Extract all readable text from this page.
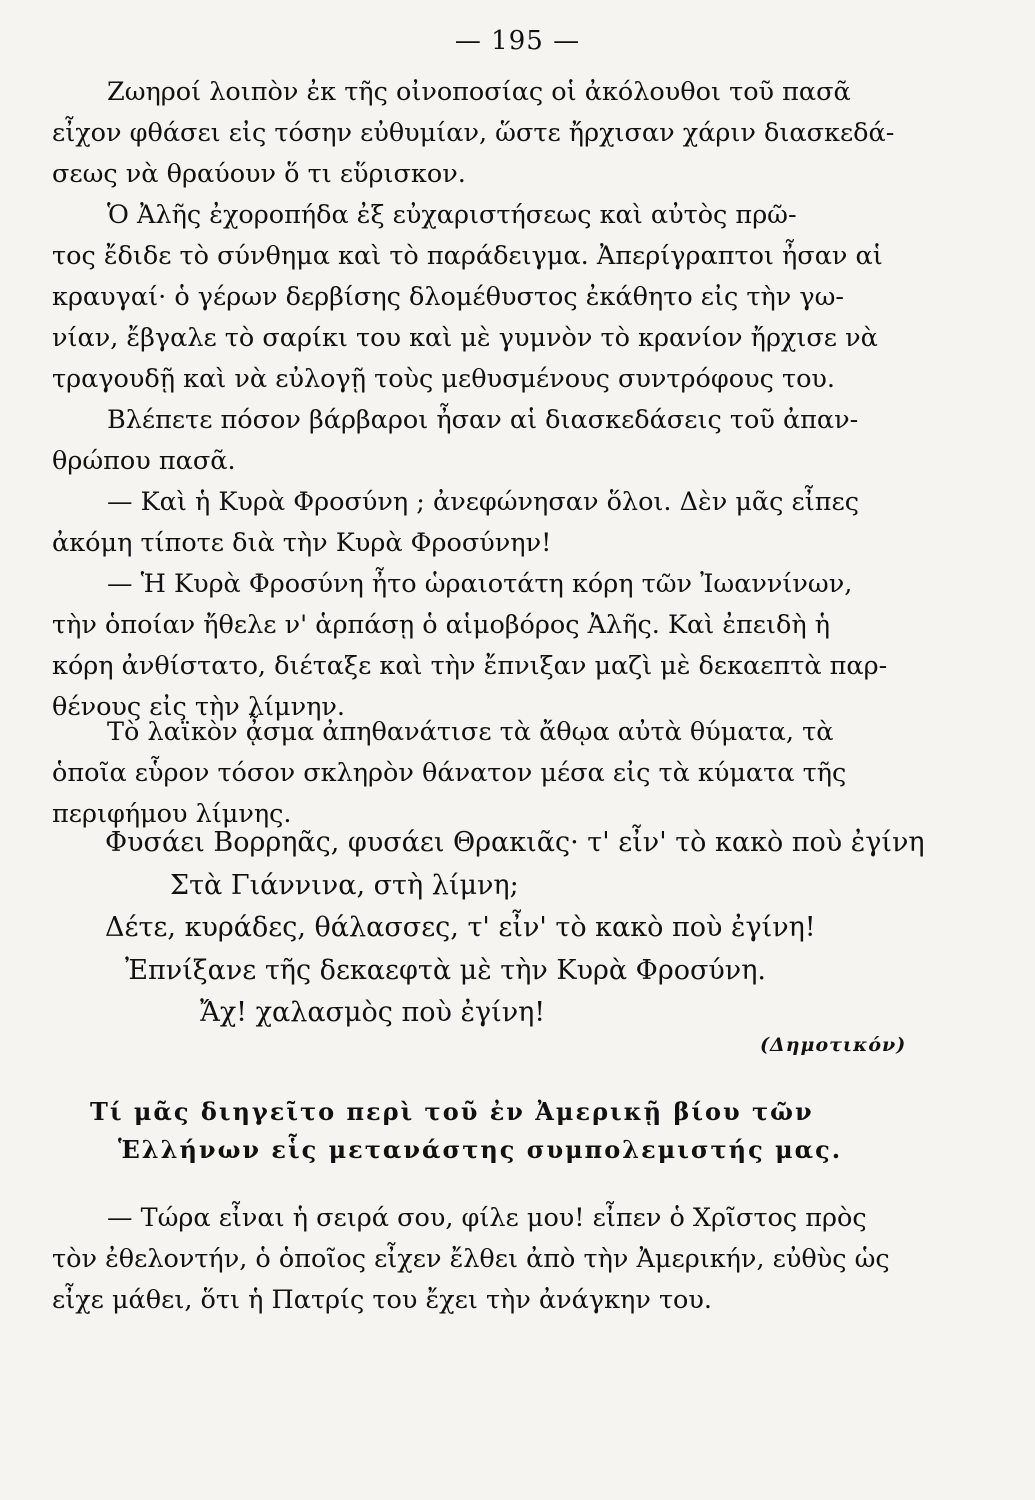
— 195 —
Ζωηροί λοιπὸν ἐκ τῆς οἰνοποσίας οἱ ἀκόλουθοι τοῦ πασᾶ
εἶχον φθάσει εἰς τόσην εὐθυμίαν, ὥστε ἤρχισαν χάριν διασκεδά-
σεως νὰ θραύουν ὅ τι εὕρισκον.
Ὁ Ἀλῆς ἐχοροπήδα ἐξ εὐχαριστήσεως καὶ αὐτὸς πρῶ-
τος ἔδιδε τὸ σύνθημα καὶ τὸ παράδειγμα. Ἀπερίγραπτοι ἦσαν αἱ
κραυγαί· ὁ γέρων δερβίσης δλομέθυστος ἐκάθητο εἰς τὴν γω-
νίαν, ἔβγαλε τὸ σαρίκι του καὶ μὲ γυμνὸν τὸ κρανίον ἤρχισε νὰ
τραγουδῇ καὶ νὰ εὐλογῇ τοὺς μεθυσμένους συντρόφους του.
Βλέπετε πόσον βάρβαροι ἦσαν αἱ διασκεδάσεις τοῦ ἀπαν-
θρώπου πασᾶ.
— Καὶ ἡ Κυρὰ Φροσύνη ; ἀνεφώνησαν ὅλοι. Δὲν μᾶς εἶπες
ἀκόμη τίποτε διὰ τὴν Κυρὰ Φροσύνην!
— Ἡ Κυρὰ Φροσύνη ἦτο ὡραιοτάτη κόρη τῶν Ἰωαννίνων,
τὴν ὁποίαν ἤθελε ν' ἁρπάσῃ ὁ αἱμοβόρος Ἀλῆς. Καὶ ἐπειδὴ ἡ
κόρη ἀνθίστατο, διέταξε καὶ τὴν ἔπνιξαν μαζὶ μὲ δεκαεπτὰ παρ-
θένους εἰς τὴν λίμνην.
Τὸ λαϊκὸν ᾆσμα ἀπηθανάτισε τὰ ἄθῳα αὐτὰ θύματα, τὰ
ὁποῖα εὗρον τόσον σκληρὸν θάνατον μέσα εἰς τὰ κύματα τῆς
περιφήμου λίμνης.
Φυσάει Βορρηᾶς, φυσάει Θρακιᾶς· τ' εἶν' τὸ κακὸ ποὺ ἐγίνη
Στὰ Γιάννινα, στὴ λίμνη;
Δέτε, κυράδες, θάλασσες, τ' εἶν' τὸ κακὸ ποὺ ἐγίνη!
Ἐπνίξανε τῆς δεκαεφτὰ μὲ τὴν Κυρὰ Φροσύνη.
Ἄχ! χαλασμὸς ποὺ ἐγίνη!
(Δημοτικόν)
Τί μᾶς διηγεῖτο περὶ τοῦ ἐν Ἀμερικῇ βίου τῶν
Ἑλλήνων εἷς μετανάστης συμπολεμιστής μας.
— Τώρα εἶναι ἡ σειρά σου, φίλε μου! εἶπεν ὁ Χρῖστος πρὸς
τὸν ἐθελοντήν, ὁ ὁποῖος εἶχεν ἔλθει ἀπὸ τὴν Ἀμερικήν, εὐθὺς ὡς
εἶχε μάθει, ὅτι ἡ Πατρίς του ἔχει τὴν ἀνάγκην του.
